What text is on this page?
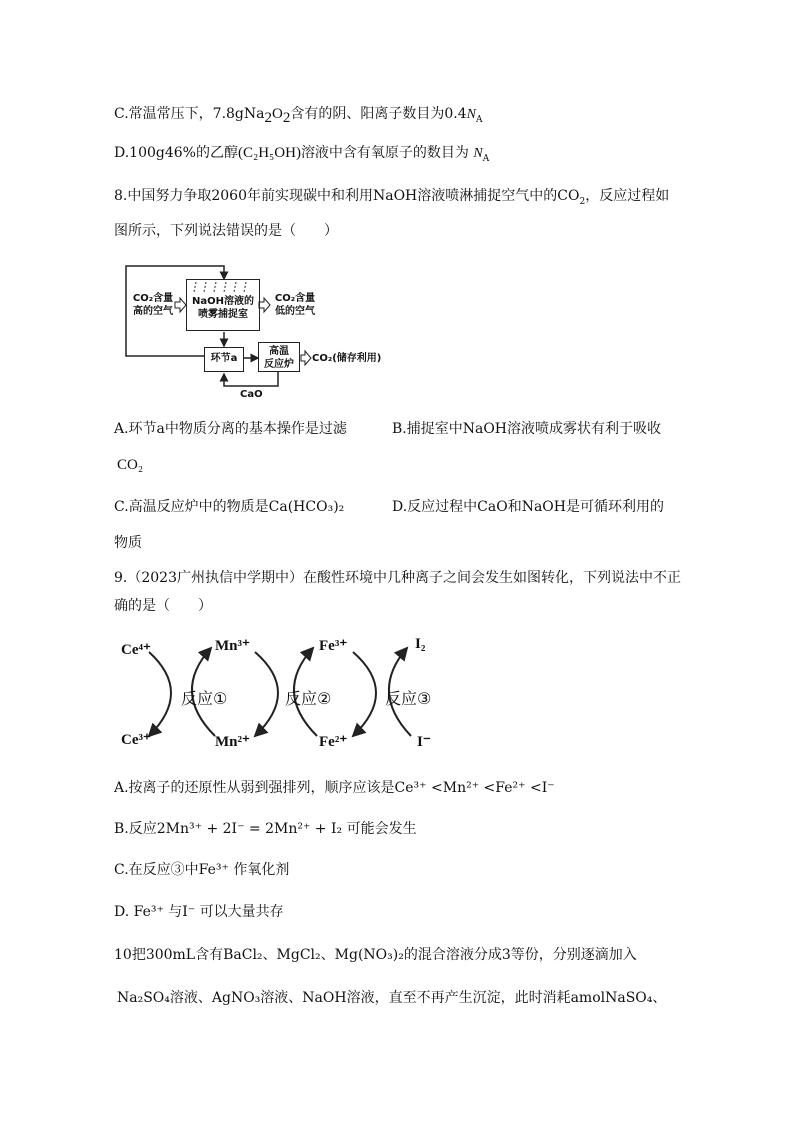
C.常温常压下，$7.8gNa_2O_2$含有的阴、阳离子数目为$0.4N_A$
D.100g46%的乙醇(C₂H₅OH)溶液中含有氧原子的数目为 $N_A$
8.中国努力争取2060年前实现碳中和利用NaOH溶液喷淋捕捉空气中的$CO_2$，反应过程如
图所示，下列说法错误的是（　　）
CO₂含量
高的空气
NaOH溶液的
喷雾捕捉室
CO₂含量
低的空气
环节a
高温
反应炉
CO₂(储存利用)
CaO
A.环节a中物质分离的基本操作是过滤	B.捕捉室中NaOH溶液喷成雾状有利于吸收
CO₂
C.高温反应炉中的物质是Ca(HCO₃)₂	D.反应过程中CaO和NaOH是可循环利用的
物质
9.（2023广州执信中学期中）在酸性环境中几种离子之间会发生如图转化，下列说法中不正
确的是（　　）
Ce⁴⁺
Ce³⁺
Mn³⁺
Mn²⁺
Fe³⁺
Fe²⁺
I₂
I⁻
反应①	反应②	反应③
A.按离子的还原性从弱到强排列，顺序应该是Ce³⁺ <Mn²⁺ <Fe²⁺ <I⁻
B.反应2Mn³⁺ + 2I⁻ = 2Mn²⁺ + I₂ 可能会发生
C.在反应③中Fe³⁺ 作氧化剂
D. Fe³⁺ 与I⁻ 可以大量共存
10把300mL含有BaCl₂、MgCl₂、Mg(NO₃)₂的混合溶液分成3等份，分别逐滴加入
Na₂SO₄溶液、AgNO₃溶液、NaOH溶液，直至不再产生沉淀，此时消耗amolNaSO₄、
